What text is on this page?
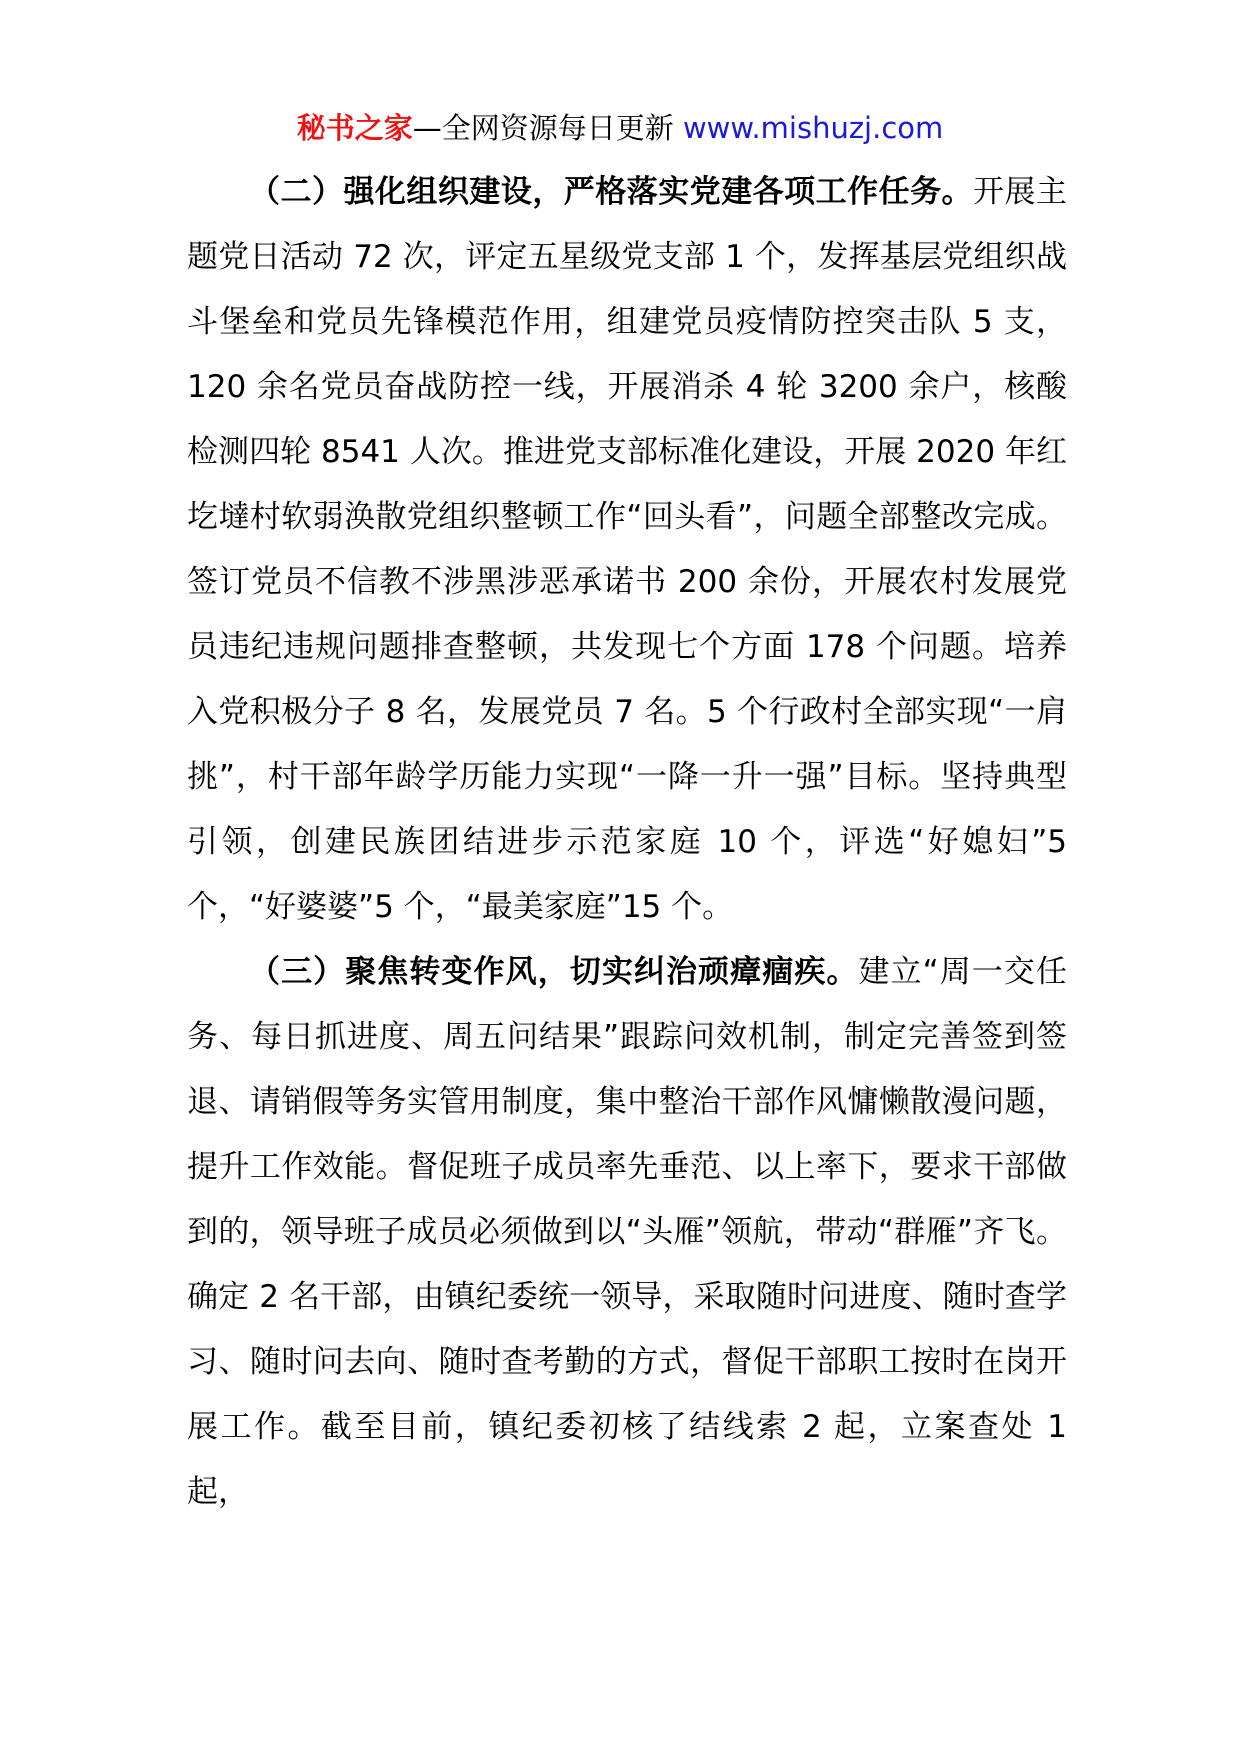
秘书之家—全网资源每日更新 www.mishuzj.com

（二）强化组织建设，严格落实党建各项工作任务。开展主题党日活动 72 次，评定五星级党支部 1 个，发挥基层党组织战斗堡垒和党员先锋模范作用，组建党员疫情防控突击队 5 支，120 余名党员奋战防控一线，开展消杀 4 轮 3200 余户，核酸检测四轮 8541 人次。推进党支部标准化建设，开展 2020 年红圪墶村软弱涣散党组织整顿工作“回头看”，问题全部整改完成。签订党员不信教不涉黑涉恶承诺书 200 余份，开展农村发展党员违纪违规问题排查整顿，共发现七个方面 178 个问题。培养入党积极分子 8 名，发展党员 7 名。5 个行政村全部实现“一肩挑”，村干部年龄学历能力实现“一降一升一强”目标。坚持典型引领，创建民族团结进步示范家庭 10 个，评选“好媳妇”5 个，“好婆婆”5 个，“最美家庭”15 个。

（三）聚焦转变作风，切实纠治顽瘴痼疾。建立“周一交任务、每日抓进度、周五问结果”跟踪问效机制，制定完善签到签退、请销假等务实管用制度，集中整治干部作风慵懒散漫问题，提升工作效能。督促班子成员率先垂范、以上率下，要求干部做到的，领导班子成员必须做到以“头雁”领航，带动“群雁”齐飞。确定 2 名干部，由镇纪委统一领导，采取随时问进度、随时查学习、随时问去向、随时查考勤的方式，督促干部职工按时在岗开展工作。截至目前，镇纪委初核了结线索 2 起，立案查处 1 起，
